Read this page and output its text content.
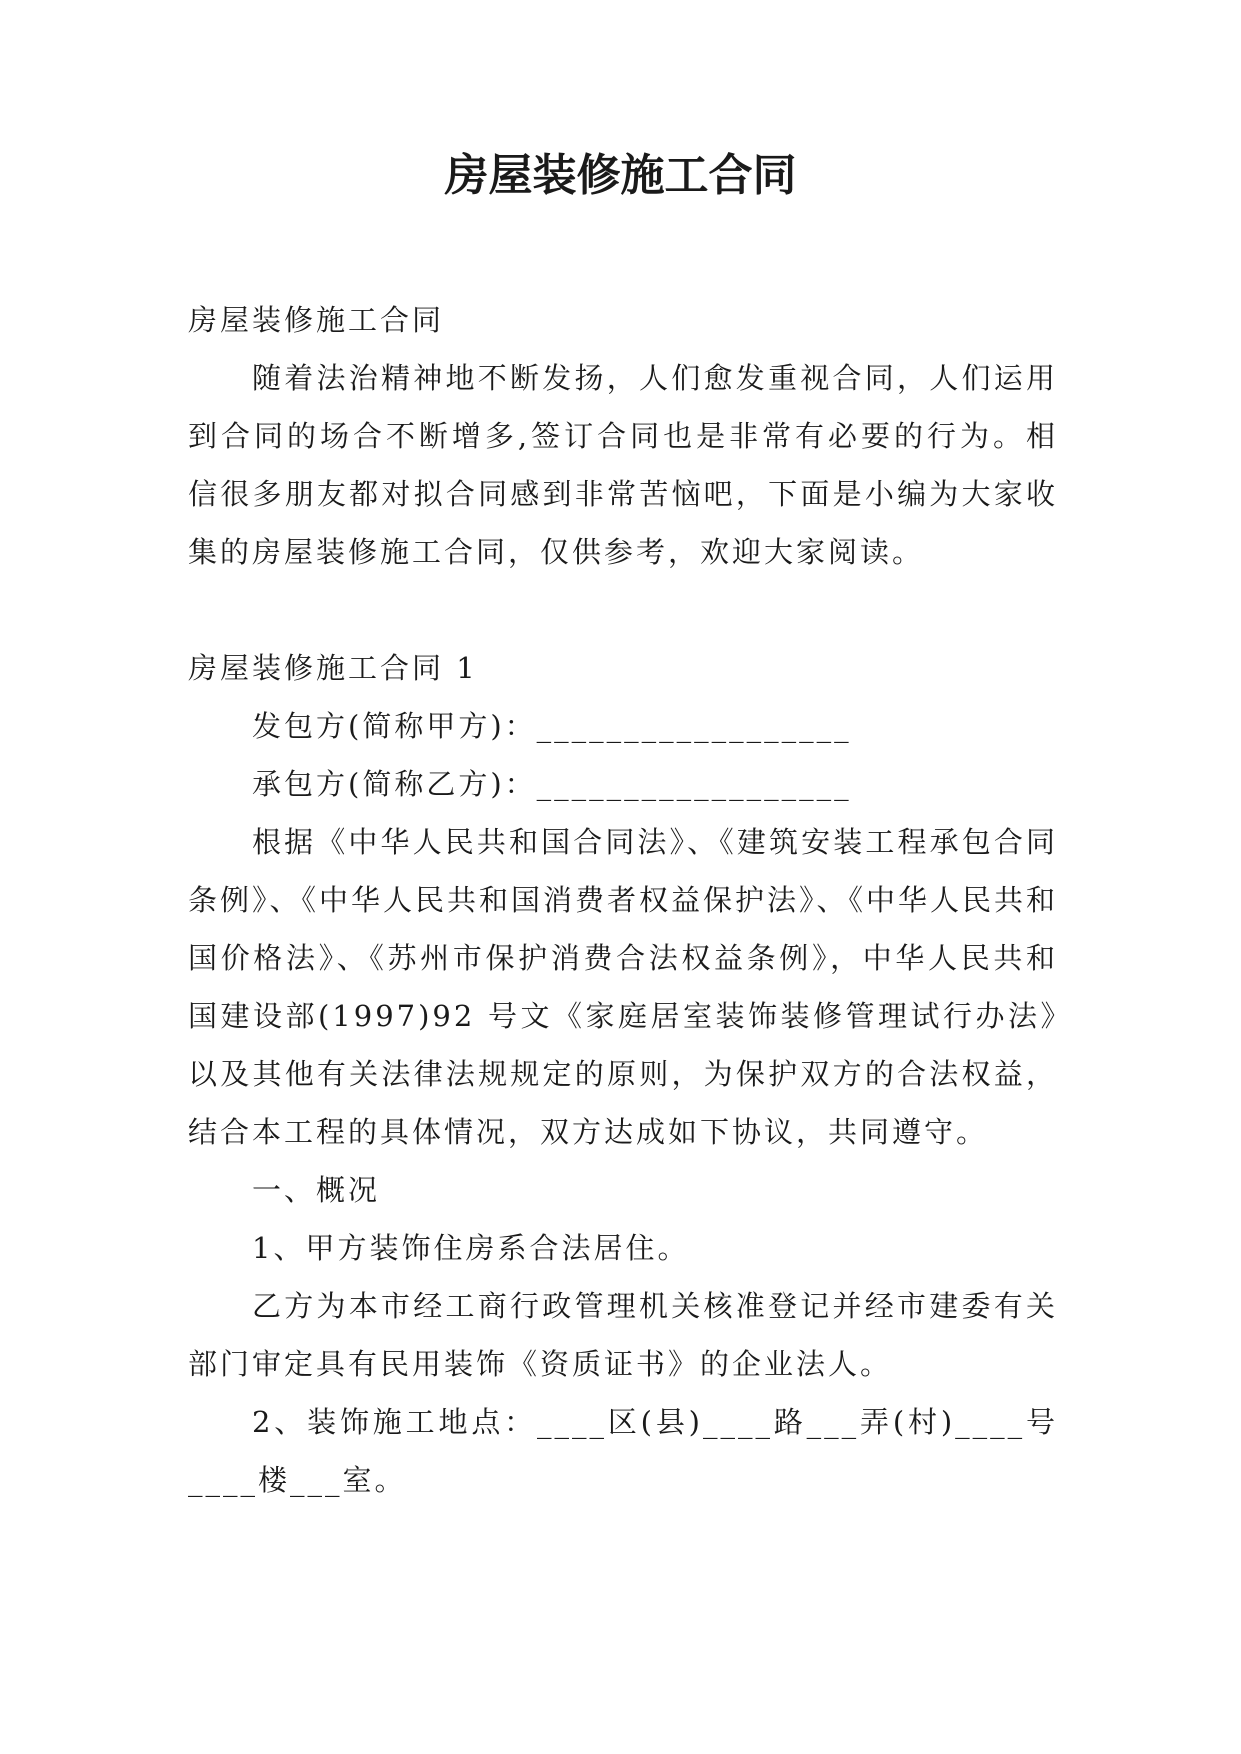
房屋装修施工合同

房屋装修施工合同

随着法治精神地不断发扬，人们愈发重视合同，人们运用到合同的场合不断增多,签订合同也是非常有必要的行为。相信很多朋友都对拟合同感到非常苦恼吧，下面是小编为大家收集的房屋装修施工合同，仅供参考，欢迎大家阅读。

房屋装修施工合同 1

发包方(简称甲方)：__________________

承包方(简称乙方)：__________________

根据《中华人民共和国合同法》、《建筑安装工程承包合同条例》、《中华人民共和国消费者权益保护法》、《中华人民共和国价格法》、《苏州市保护消费合法权益条例》，中华人民共和国建设部(1997)92 号文《家庭居室装饰装修管理试行办法》以及其他有关法律法规规定的原则，为保护双方的合法权益，结合本工程的具体情况，双方达成如下协议，共同遵守。

一、概况

1、甲方装饰住房系合法居住。

乙方为本市经工商行政管理机关核准登记并经市建委有关部门审定具有民用装饰《资质证书》的企业法人。

2、装饰施工地点：____区(县)____路___弄(村)____号____楼___室。
